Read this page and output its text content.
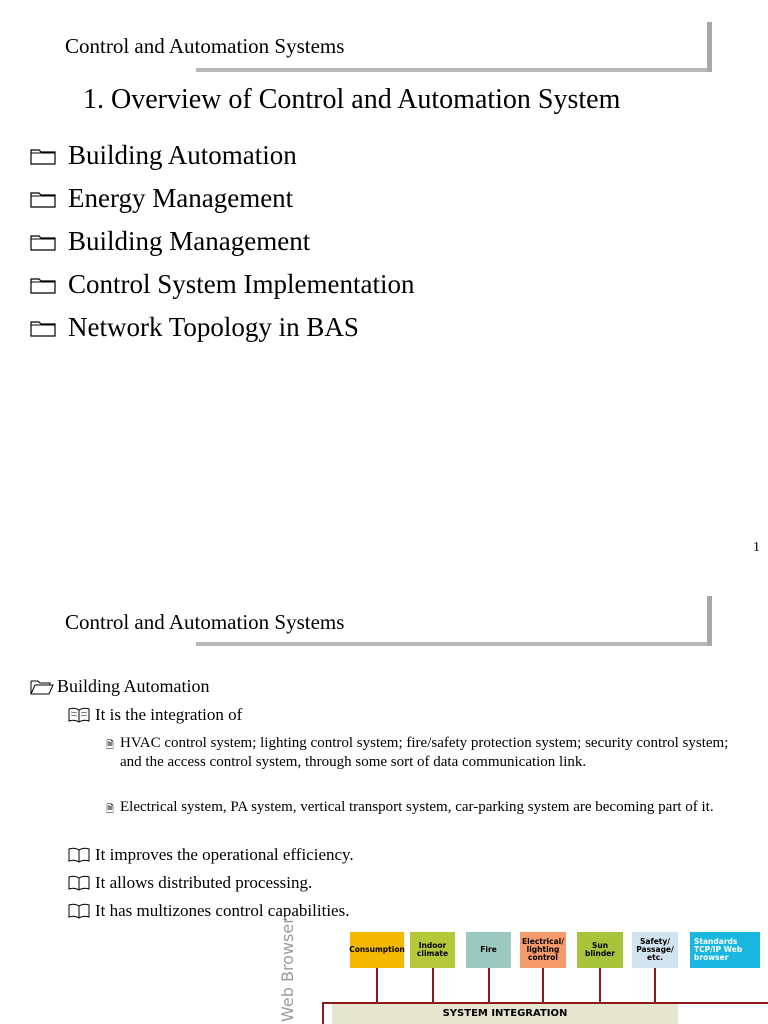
Control and Automation Systems
1. Overview of Control and Automation System
Building Automation
Energy Management
Building Management
Control System Implementation
Network Topology in BAS
1
Control and Automation Systems
Building Automation
It is the integration of
🗎 HVAC control system; lighting control system; fire/safety protection system; security control system; and the access control system, through some sort of data communication link.
🗎 Electrical system, PA system, vertical transport system, car-parking system are becoming part of it.
It improves the operational efficiency.
It allows distributed processing.
It has multizones control capabilities.
Web Browser	Consumption	Indoor climate	Fire
Electrical/ lighting control
Sun blinder
Safety/ Passage/ etc.
Standards TCP/IP Web browser
SYSTEM INTEGRATION
